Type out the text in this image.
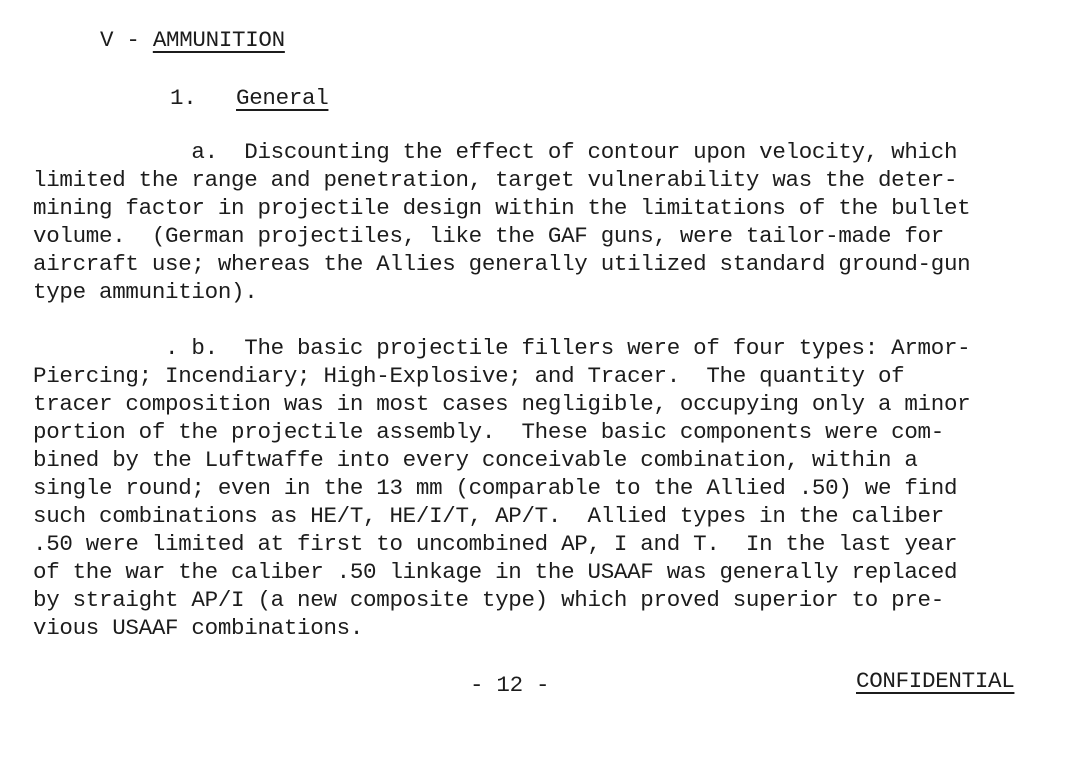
V - AMMUNITION
1. General
a.  Discounting the effect of contour upon velocity, which
limited the range and penetration, target vulnerability was the deter-
mining factor in projectile design within the limitations of the bullet
volume.  (German projectiles, like the GAF guns, were tailor-made for
aircraft use; whereas the Allies generally utilized standard ground-gun
type ammunition).
. b.  The basic projectile fillers were of four types: Armor-
Piercing; Incendiary; High-Explosive; and Tracer.  The quantity of
tracer composition was in most cases negligible, occupying only a minor
portion of the projectile assembly.  These basic components were com-
bined by the Luftwaffe into every conceivable combination, within a
single round; even in the 13 mm (comparable to the Allied .50) we find
such combinations as HE/T, HE/I/T, AP/T.  Allied types in the caliber
.50 were limited at first to uncombined AP, I and T.  In the last year
of the war the caliber .50 linkage in the USAAF was generally replaced
by straight AP/I (a new composite type) which proved superior to pre-
vious USAAF combinations.
- 12 -	CONFIDENTIAL
